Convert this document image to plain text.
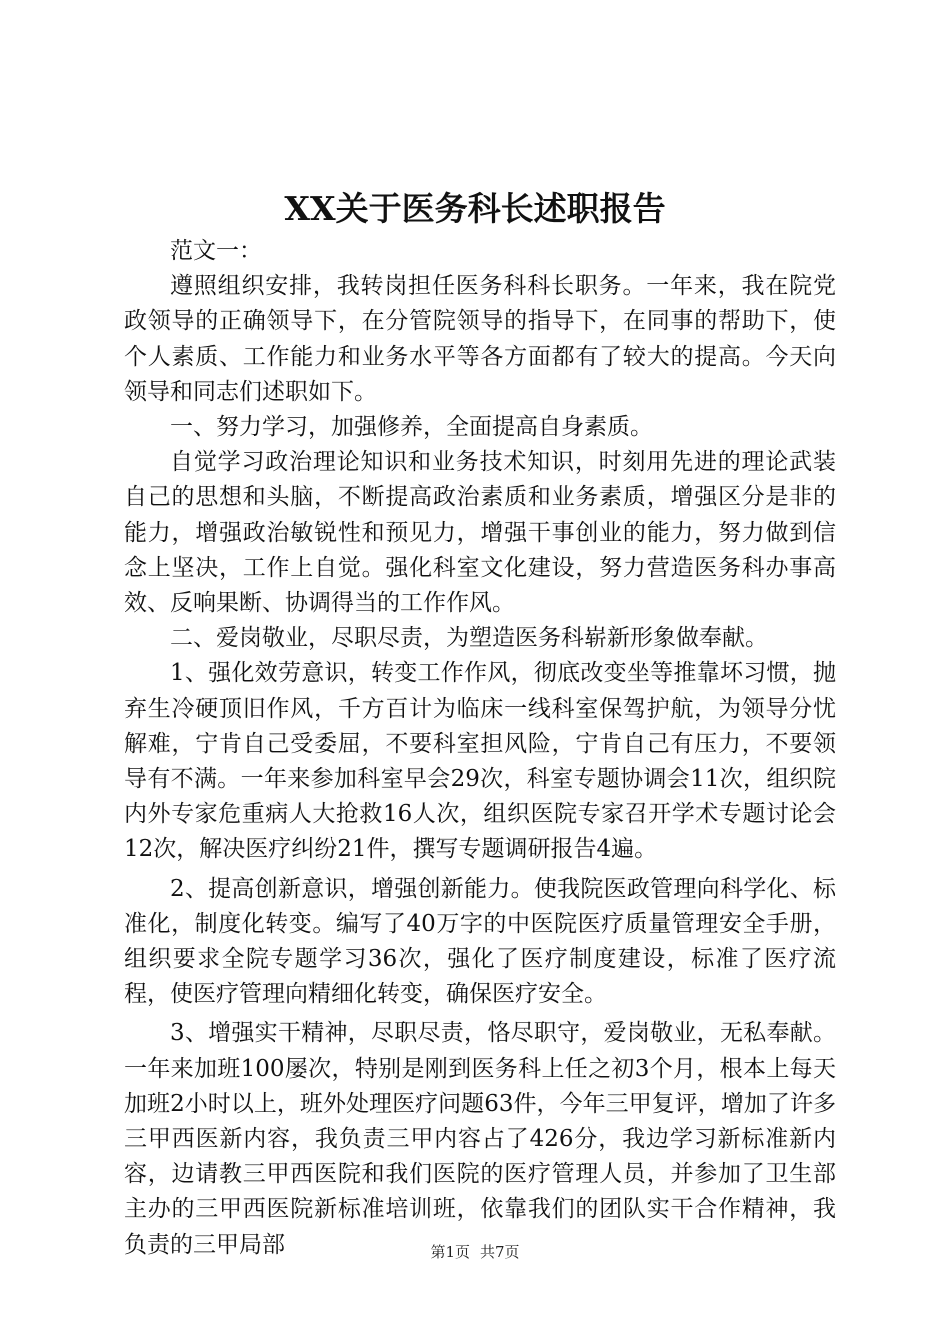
XX关于医务科长述职报告

范文一：

遵照组织安排，我转岗担任医务科科长职务。一年来，我在院党政领导的正确领导下，在分管院领导的指导下，在同事的帮助下，使个人素质、工作能力和业务水平等各方面都有了较大的提高。今天向领导和同志们述职如下。

一、努力学习，加强修养，全面提高自身素质。

自觉学习政治理论知识和业务技术知识，时刻用先进的理论武装自己的思想和头脑，不断提高政治素质和业务素质，增强区分是非的能力，增强政治敏锐性和预见力，增强干事创业的能力，努力做到信念上坚决，工作上自觉。强化科室文化建设，努力营造医务科办事高效、反响果断、协调得当的工作作风。

二、爱岗敬业，尽职尽责，为塑造医务科崭新形象做奉献。

1、强化效劳意识，转变工作作风，彻底改变坐等推靠坏习惯，抛弃生冷硬顶旧作风，千方百计为临床一线科室保驾护航，为领导分忧解难，宁肯自己受委屈，不要科室担风险，宁肯自己有压力，不要领导有不满。一年来参加科室早会29次，科室专题协调会11次，组织院内外专家危重病人大抢救16人次，组织医院专家召开学术专题讨论会12次，解决医疗纠纷21件，撰写专题调研报告4遍。

2、提高创新意识，增强创新能力。使我院医政管理向科学化、标准化，制度化转变。编写了40万字的中医院医疗质量管理安全手册，组织要求全院专题学习36次，强化了医疗制度建设，标准了医疗流程，使医疗管理向精细化转变，确保医疗安全。

3、增强实干精神，尽职尽责，恪尽职守，爱岗敬业，无私奉献。一年来加班100屡次，特别是刚到医务科上任之初3个月，根本上每天加班2小时以上，班外处理医疗问题63件，今年三甲复评，增加了许多三甲西医新内容，我负责三甲内容占了426分，我边学习新标准新内容，边请教三甲西医院和我们医院的医疗管理人员，并参加了卫生部主办的三甲西医院新标准培训班，依靠我们的团队实干合作精神，我负责的三甲局部	第1页 共7页
